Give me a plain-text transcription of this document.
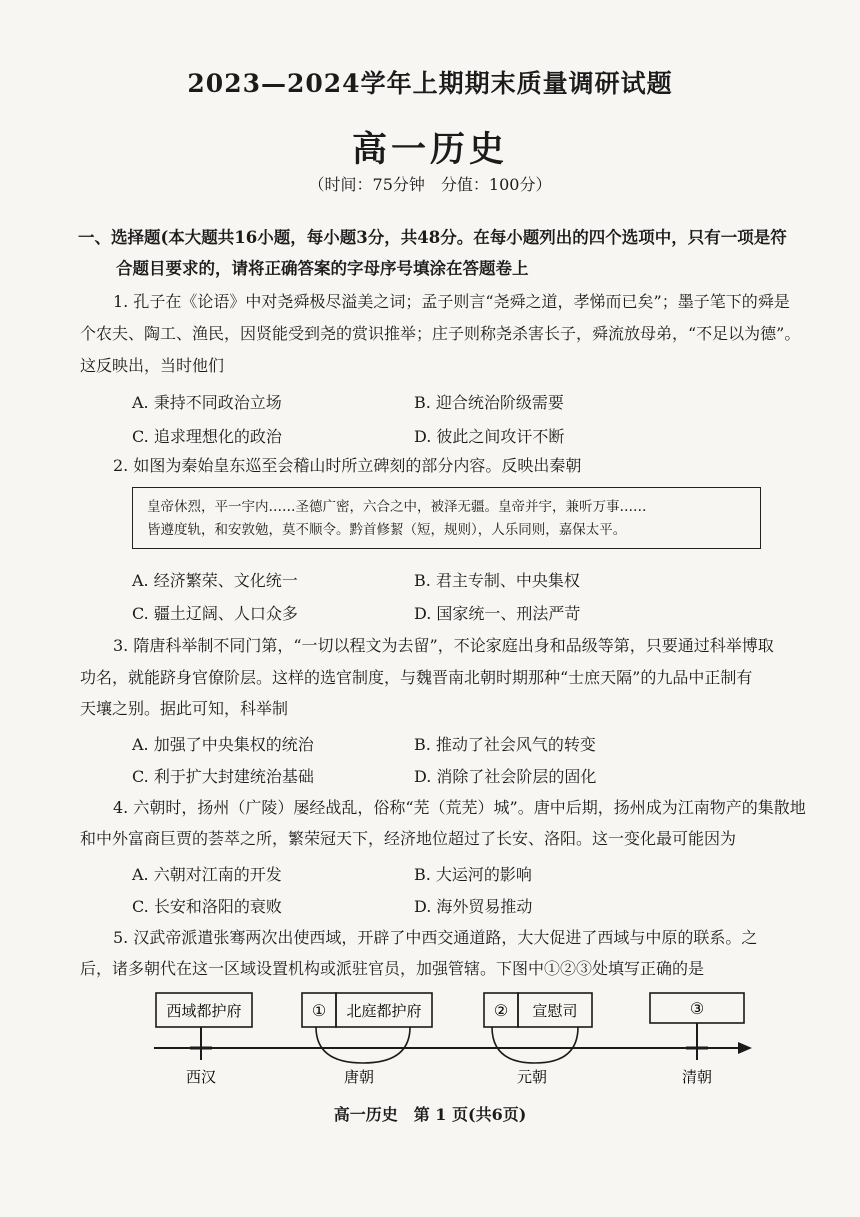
2023—2024学年上期期末质量调研试题
高一历史
（时间：75分钟　分值：100分）
一、选择题(本大题共16小题，每小题3分，共48分。在每小题列出的四个选项中，只有一项是符
合题目要求的，请将正确答案的字母序号填涂在答题卷上
1. 孔子在《论语》中对尧舜极尽溢美之词；孟子则言“尧舜之道，孝悌而已矣”；墨子笔下的舜是
个农夫、陶工、渔民，因贤能受到尧的赏识推举；庄子则称尧杀害长子，舜流放母弟，“不足以为德”。
这反映出，当时他们
A. 秉持不同政治立场	B. 迎合统治阶级需要
C. 追求理想化的政治	D. 彼此之间攻讦不断
2. 如图为秦始皇东巡至会稽山时所立碑刻的部分内容。反映出秦朝
皇帝休烈，平一宇内……圣德广密，六合之中，被泽无疆。皇帝并宇，兼听万事……
皆遵度轨，和安敦勉，莫不顺令。黔首修絜（短，规则），人乐同则，嘉保太平。
A. 经济繁荣、文化统一	B. 君主专制、中央集权
C. 疆土辽阔、人口众多	D. 国家统一、刑法严苛
3. 隋唐科举制不同门第，“一切以程文为去留”，不论家庭出身和品级等第，只要通过科举博取
功名，就能跻身官僚阶层。这样的选官制度，与魏晋南北朝时期那种“士庶天隔”的九品中正制有
天壤之别。据此可知，科举制
A. 加强了中央集权的统治	B. 推动了社会风气的转变
C. 利于扩大封建统治基础	D. 消除了社会阶层的固化
4. 六朝时，扬州（广陵）屡经战乱，俗称“芜（荒芜）城”。唐中后期，扬州成为江南物产的集散地
和中外富商巨贾的荟萃之所，繁荣冠天下，经济地位超过了长安、洛阳。这一变化最可能因为
A. 六朝对江南的开发	B. 大运河的影响
C. 长安和洛阳的衰败	D. 海外贸易推动
5. 汉武帝派遣张骞两次出使西域，开辟了中西交通道路，大大促进了西域与中原的联系。之
后，诸多朝代在这一区域设置机构或派驻官员，加强管辖。下图中①②③处填写正确的是
西域都护府	① 北庭都护府	② 宣慰司	③
西汉	唐朝	元朝	清朝
高一历史　第 1 页(共6页)
